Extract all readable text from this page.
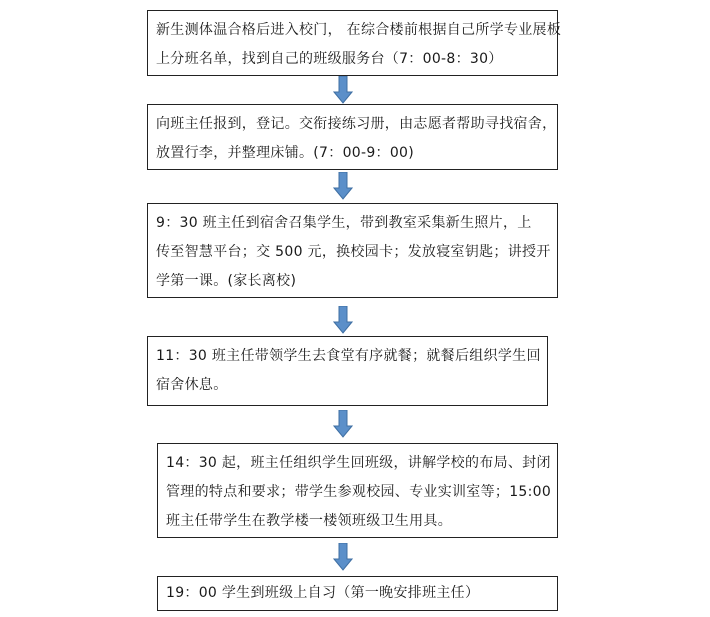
新生测体温合格后进入校门， 在综合楼前根据自己所学专业展板
上分班名单，找到自己的班级服务台（7：00-8：30）
向班主任报到，登记。交衔接练习册，由志愿者帮助寻找宿舍，
放置行李，并整理床铺。(7：00-9：00)
9：30 班主任到宿舍召集学生，带到教室采集新生照片，上
传至智慧平台；交 500 元，换校园卡；发放寝室钥匙；讲授开
学第一课。(家长离校)
11：30 班主任带领学生去食堂有序就餐；就餐后组织学生回
宿舍休息。
14：30 起，班主任组织学生回班级，讲解学校的布局、封闭
管理的特点和要求；带学生参观校园、专业实训室等；15:00
班主任带学生在教学楼一楼领班级卫生用具。
19：00 学生到班级上自习（第一晚安排班主任）
